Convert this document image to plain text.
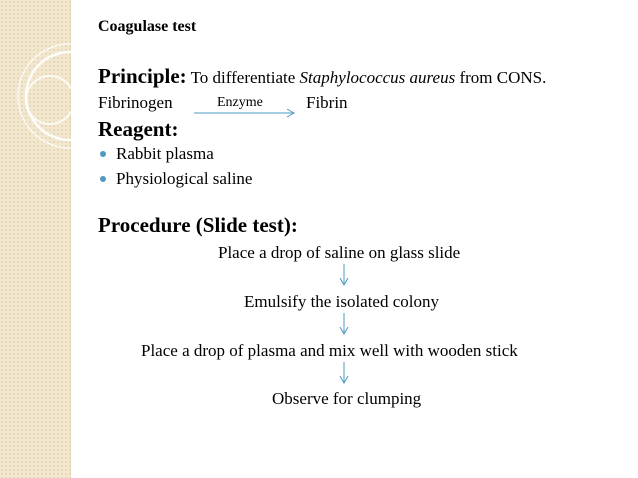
Coagulase test
Principle: To differentiate Staphylococcus aureus from CONS.
Fibrinogen	Enzyme	Fibrin
Reagent:
Rabbit plasma
Physiological saline
Procedure (Slide test):
Place a drop of saline on glass slide
Emulsify the isolated colony
Place a drop of plasma and mix well with wooden stick
Observe for clumping
